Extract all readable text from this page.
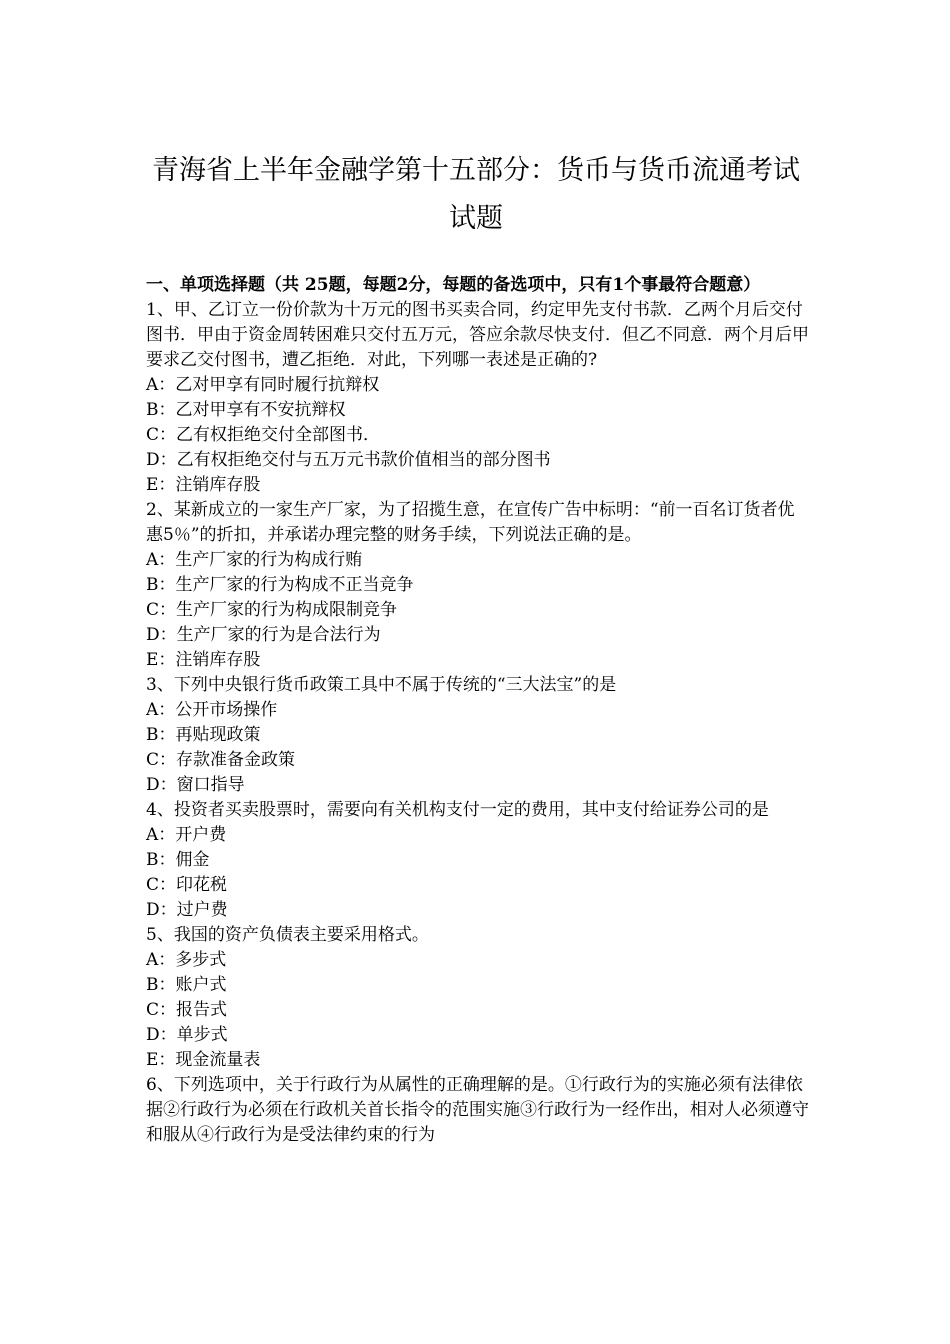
青海省上半年金融学第十五部分：货币与货币流通考试试题

一、单项选择题（共 25题，每题2分，每题的备选项中，只有1个事最符合题意）

1、甲、乙订立一份价款为十万元的图书买卖合同，约定甲先支付书款．乙两个月后交付图书．甲由于资金周转困难只交付五万元，答应余款尽快支付．但乙不同意．两个月后甲要求乙交付图书，遭乙拒绝．对此，下列哪一表述是正确的?

A：乙对甲享有同时履行抗辩权

B：乙对甲享有不安抗辩权

C：乙有权拒绝交付全部图书．

D：乙有权拒绝交付与五万元书款价值相当的部分图书

E：注销库存股

2、某新成立的一家生产厂家，为了招揽生意，在宣传广告中标明：“前一百名订货者优惠5％”的折扣，并承诺办理完整的财务手续，下列说法正确的是。

A：生产厂家的行为构成行贿

B：生产厂家的行为构成不正当竞争

C：生产厂家的行为构成限制竞争

D：生产厂家的行为是合法行为

E：注销库存股

3、下列中央银行货币政策工具中不属于传统的“三大法宝”的是

A：公开市场操作

B：再贴现政策

C：存款准备金政策

D：窗口指导

4、投资者买卖股票时，需要向有关机构支付一定的费用，其中支付给证券公司的是

A：开户费

B：佣金

C：印花税

D：过户费

5、我国的资产负债表主要采用格式。

A：多步式

B：账户式

C：报告式

D：单步式

E：现金流量表

6、下列选项中，关于行政行为从属性的正确理解的是。①行政行为的实施必须有法律依据②行政行为必须在行政机关首长指令的范围实施③行政行为一经作出，相对人必须遵守和服从④行政行为是受法律约束的行为
